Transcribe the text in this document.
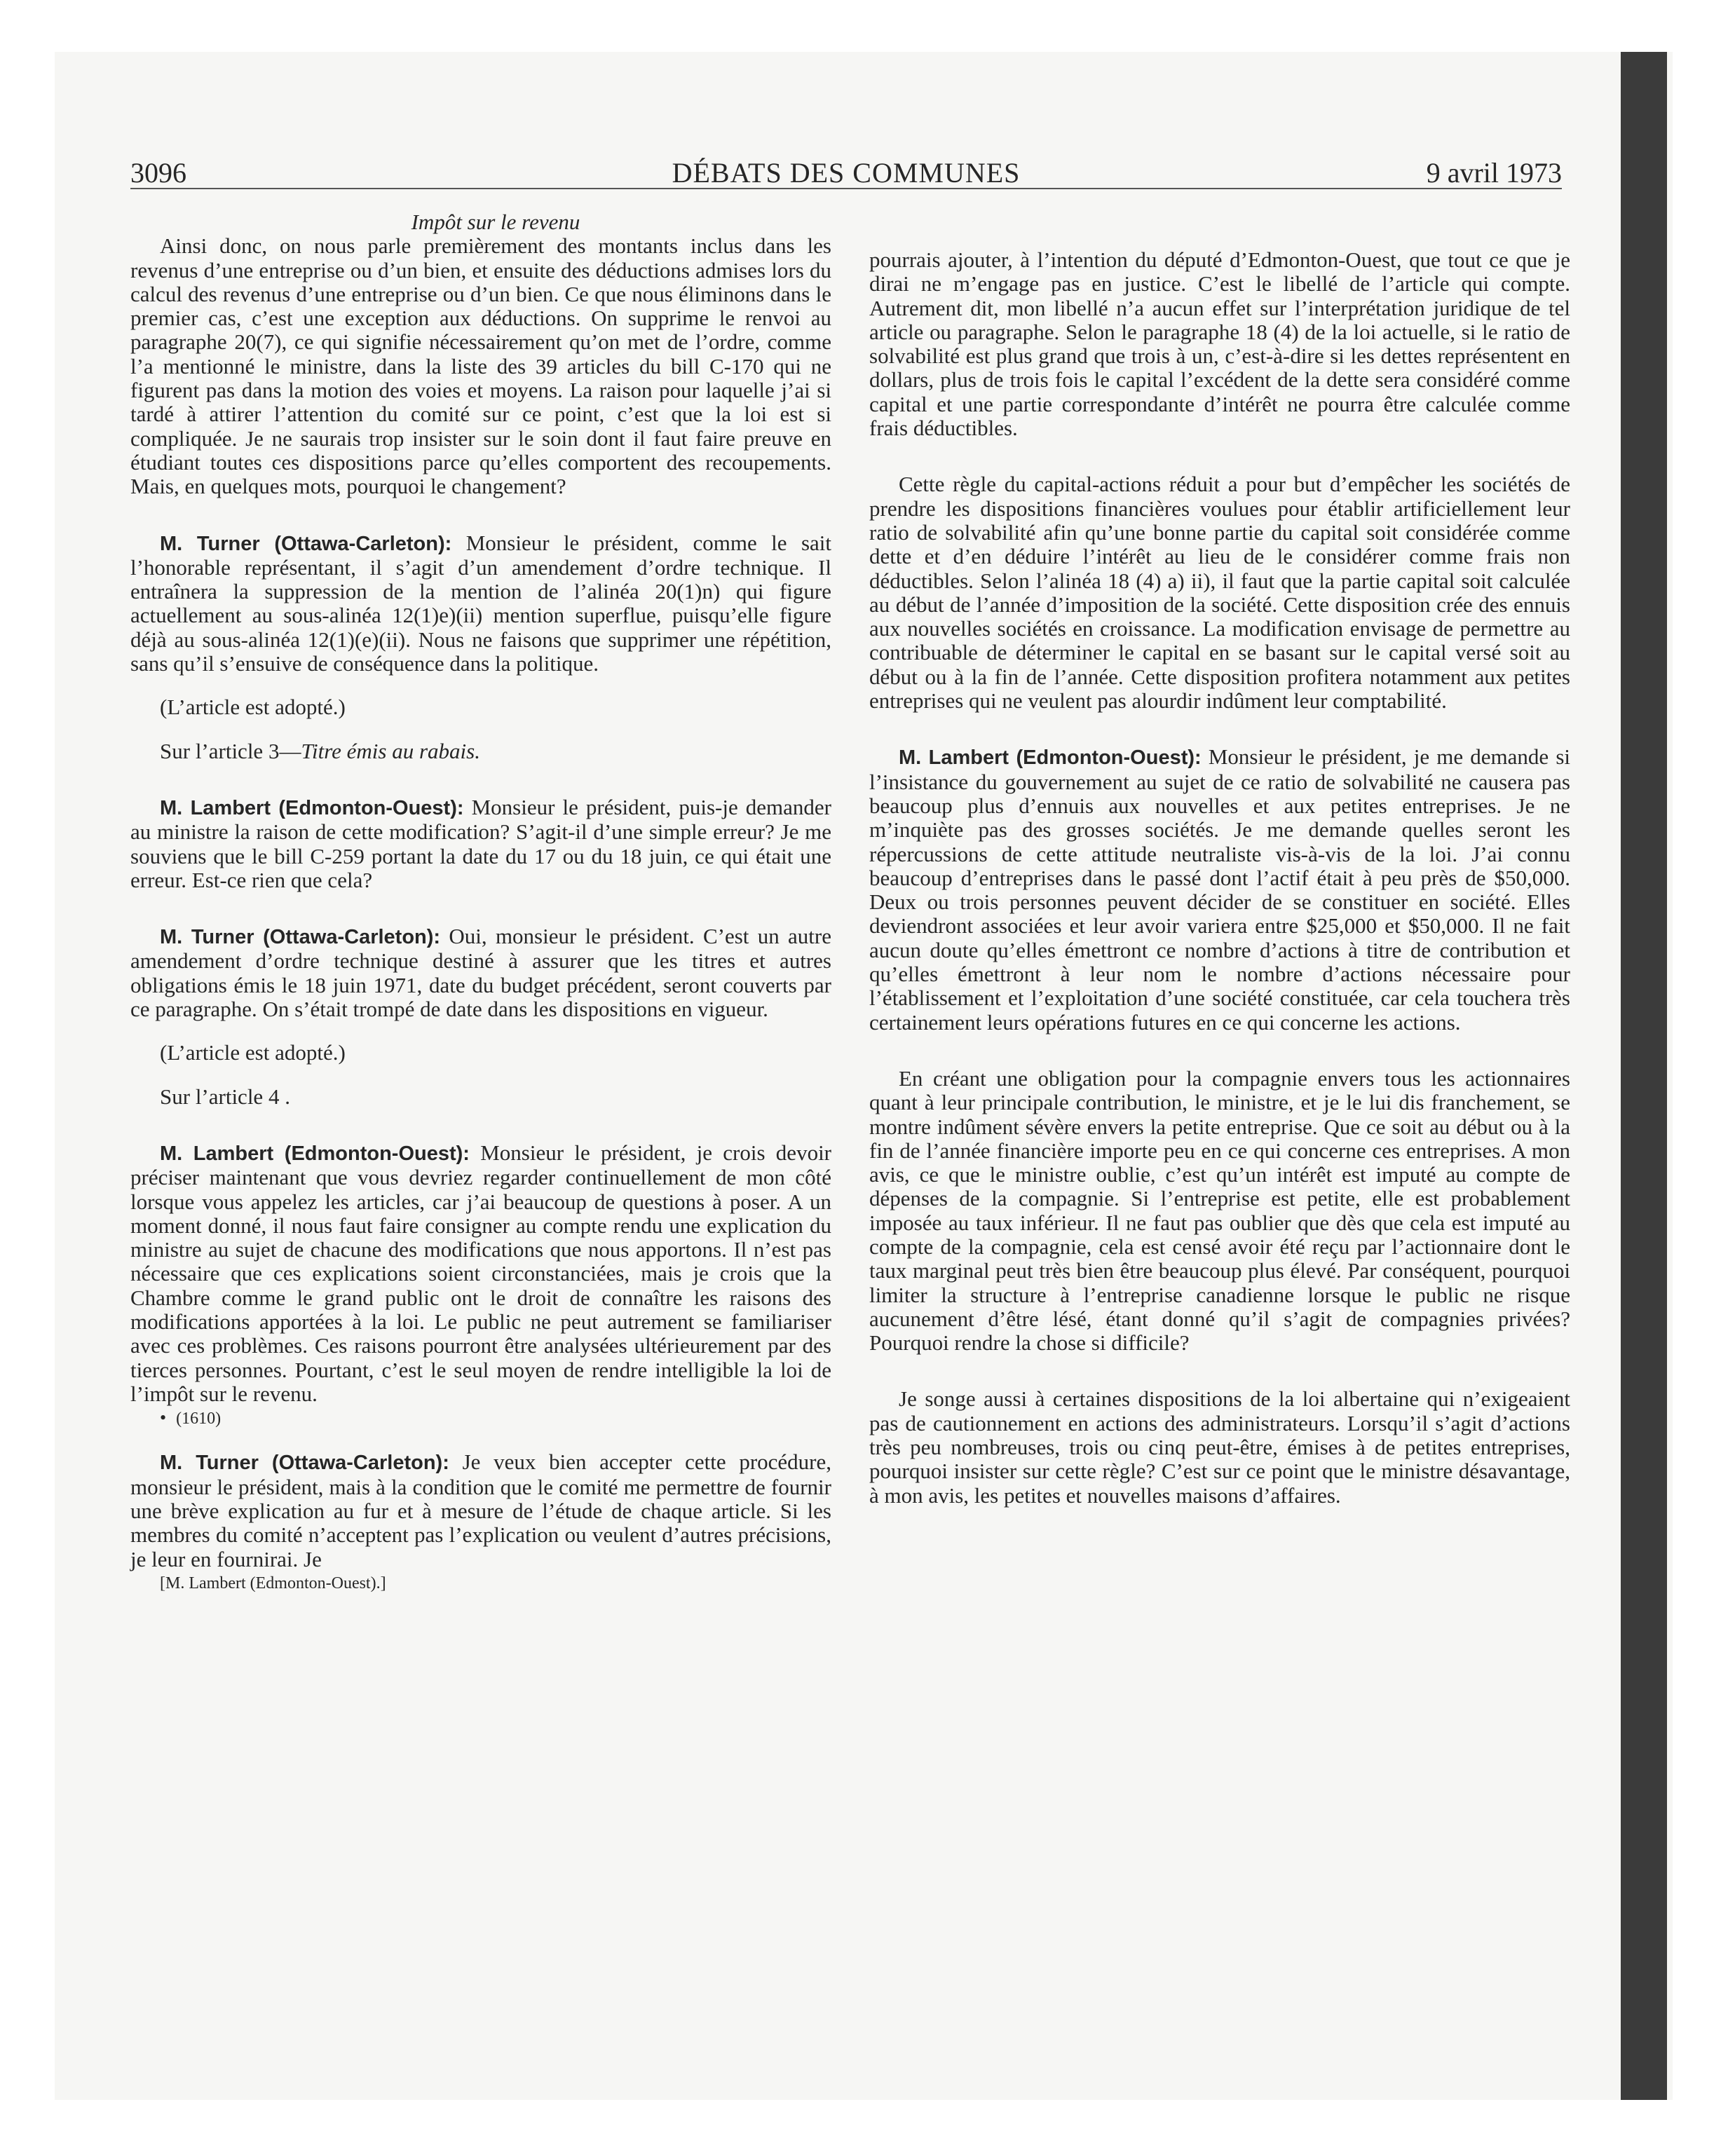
3096	DÉBATS DES COMMUNES	9 avril 1973

Impôt sur le revenu

Ainsi donc, on nous parle premièrement des montants inclus dans les revenus d’une entreprise ou d’un bien, et ensuite des déductions admises lors du calcul des revenus d’une entreprise ou d’un bien. Ce que nous éliminons dans le premier cas, c’est une exception aux déductions. On supprime le renvoi au paragraphe 20(7), ce qui signifie nécessairement qu’on met de l’ordre, comme l’a mentionné le ministre, dans la liste des 39 articles du bill C-170 qui ne figurent pas dans la motion des voies et moyens. La raison pour laquelle j’ai si tardé à attirer l’attention du comité sur ce point, c’est que la loi est si compliquée. Je ne saurais trop insister sur le soin dont il faut faire preuve en étudiant toutes ces dispositions parce qu’elles comportent des recoupements. Mais, en quelques mots, pourquoi le changement?

M. Turner (Ottawa-Carleton): Monsieur le président, comme le sait l’honorable représentant, il s’agit d’un amendement d’ordre technique. Il entraînera la suppression de la mention de l’alinéa 20(1)n) qui figure actuellement au sous-alinéa 12(1)e)(ii) mention superflue, puisqu’elle figure déjà au sous-alinéa 12(1)(e)(ii). Nous ne faisons que supprimer une répétition, sans qu’il s’ensuive de conséquence dans la politique.

(L’article est adopté.)

Sur l’article 3—Titre émis au rabais.

M. Lambert (Edmonton-Ouest): Monsieur le président, puis-je demander au ministre la raison de cette modification? S’agit-il d’une simple erreur? Je me souviens que le bill C-259 portant la date du 17 ou du 18 juin, ce qui était une erreur. Est-ce rien que cela?

M. Turner (Ottawa-Carleton): Oui, monsieur le président. C’est un autre amendement d’ordre technique destiné à assurer que les titres et autres obligations émis le 18 juin 1971, date du budget précédent, seront couverts par ce paragraphe. On s’était trompé de date dans les dispositions en vigueur.

(L’article est adopté.)

Sur l’article 4 .

M. Lambert (Edmonton-Ouest): Monsieur le président, je crois devoir préciser maintenant que vous devriez regarder continuellement de mon côté lorsque vous appelez les articles, car j’ai beaucoup de questions à poser. A un moment donné, il nous faut faire consigner au compte rendu une explication du ministre au sujet de chacune des modifications que nous apportons. Il n’est pas nécessaire que ces explications soient circonstanciées, mais je crois que la Chambre comme le grand public ont le droit de connaître les raisons des modifications apportées à la loi. Le public ne peut autrement se familiariser avec ces problèmes. Ces raisons pourront être analysées ultérieurement par des tierces personnes. Pourtant, c’est le seul moyen de rendre intelligible la loi de l’impôt sur le revenu.

• (1610)

M. Turner (Ottawa-Carleton): Je veux bien accepter cette procédure, monsieur le président, mais à la condition que le comité me permettre de fournir une brève explication au fur et à mesure de l’étude de chaque article. Si les membres du comité n’acceptent pas l’explication ou veulent d’autres précisions, je leur en fournirai. Je

[M. Lambert (Edmonton-Ouest).]

pourrais ajouter, à l’intention du député d’Edmonton-Ouest, que tout ce que je dirai ne m’engage pas en justice. C’est le libellé de l’article qui compte. Autrement dit, mon libellé n’a aucun effet sur l’interprétation juridique de tel article ou paragraphe. Selon le paragraphe 18 (4) de la loi actuelle, si le ratio de solvabilité est plus grand que trois à un, c’est-à-dire si les dettes représentent en dollars, plus de trois fois le capital l’excédent de la dette sera considéré comme capital et une partie correspondante d’intérêt ne pourra être calculée comme frais déductibles.

Cette règle du capital-actions réduit a pour but d’empêcher les sociétés de prendre les dispositions financières voulues pour établir artificiellement leur ratio de solvabilité afin qu’une bonne partie du capital soit considérée comme dette et d’en déduire l’intérêt au lieu de le considérer comme frais non déductibles. Selon l’alinéa 18 (4) a) ii), il faut que la partie capital soit calculée au début de l’année d’imposition de la société. Cette disposition crée des ennuis aux nouvelles sociétés en croissance. La modification envisage de permettre au contribuable de déterminer le capital en se basant sur le capital versé soit au début ou à la fin de l’année. Cette disposition profitera notamment aux petites entreprises qui ne veulent pas alourdir indûment leur comptabilité.

M. Lambert (Edmonton-Ouest): Monsieur le président, je me demande si l’insistance du gouvernement au sujet de ce ratio de solvabilité ne causera pas beaucoup plus d’ennuis aux nouvelles et aux petites entreprises. Je ne m’inquiète pas des grosses sociétés. Je me demande quelles seront les répercussions de cette attitude neutraliste vis-à-vis de la loi. J’ai connu beaucoup d’entreprises dans le passé dont l’actif était à peu près de $50,000. Deux ou trois personnes peuvent décider de se constituer en société. Elles deviendront associées et leur avoir variera entre $25,000 et $50,000. Il ne fait aucun doute qu’elles émettront ce nombre d’actions à titre de contribution et qu’elles émettront à leur nom le nombre d’actions nécessaire pour l’établissement et l’exploitation d’une société constituée, car cela touchera très certainement leurs opérations futures en ce qui concerne les actions.

En créant une obligation pour la compagnie envers tous les actionnaires quant à leur principale contribution, le ministre, et je le lui dis franchement, se montre indûment sévère envers la petite entreprise. Que ce soit au début ou à la fin de l’année financière importe peu en ce qui concerne ces entreprises. A mon avis, ce que le ministre oublie, c’est qu’un intérêt est imputé au compte de dépenses de la compagnie. Si l’entreprise est petite, elle est probablement imposée au taux inférieur. Il ne faut pas oublier que dès que cela est imputé au compte de la compagnie, cela est censé avoir été reçu par l’actionnaire dont le taux marginal peut très bien être beaucoup plus élevé. Par conséquent, pourquoi limiter la structure à l’entreprise canadienne lorsque le public ne risque aucunement d’être lésé, étant donné qu’il s’agit de compagnies privées? Pourquoi rendre la chose si difficile?

Je songe aussi à certaines dispositions de la loi albertaine qui n’exigeaient pas de cautionnement en actions des administrateurs. Lorsqu’il s’agit d’actions très peu nombreuses, trois ou cinq peut-être, émises à de petites entreprises, pourquoi insister sur cette règle? C’est sur ce point que le ministre désavantage, à mon avis, les petites et nouvelles maisons d’affaires.
